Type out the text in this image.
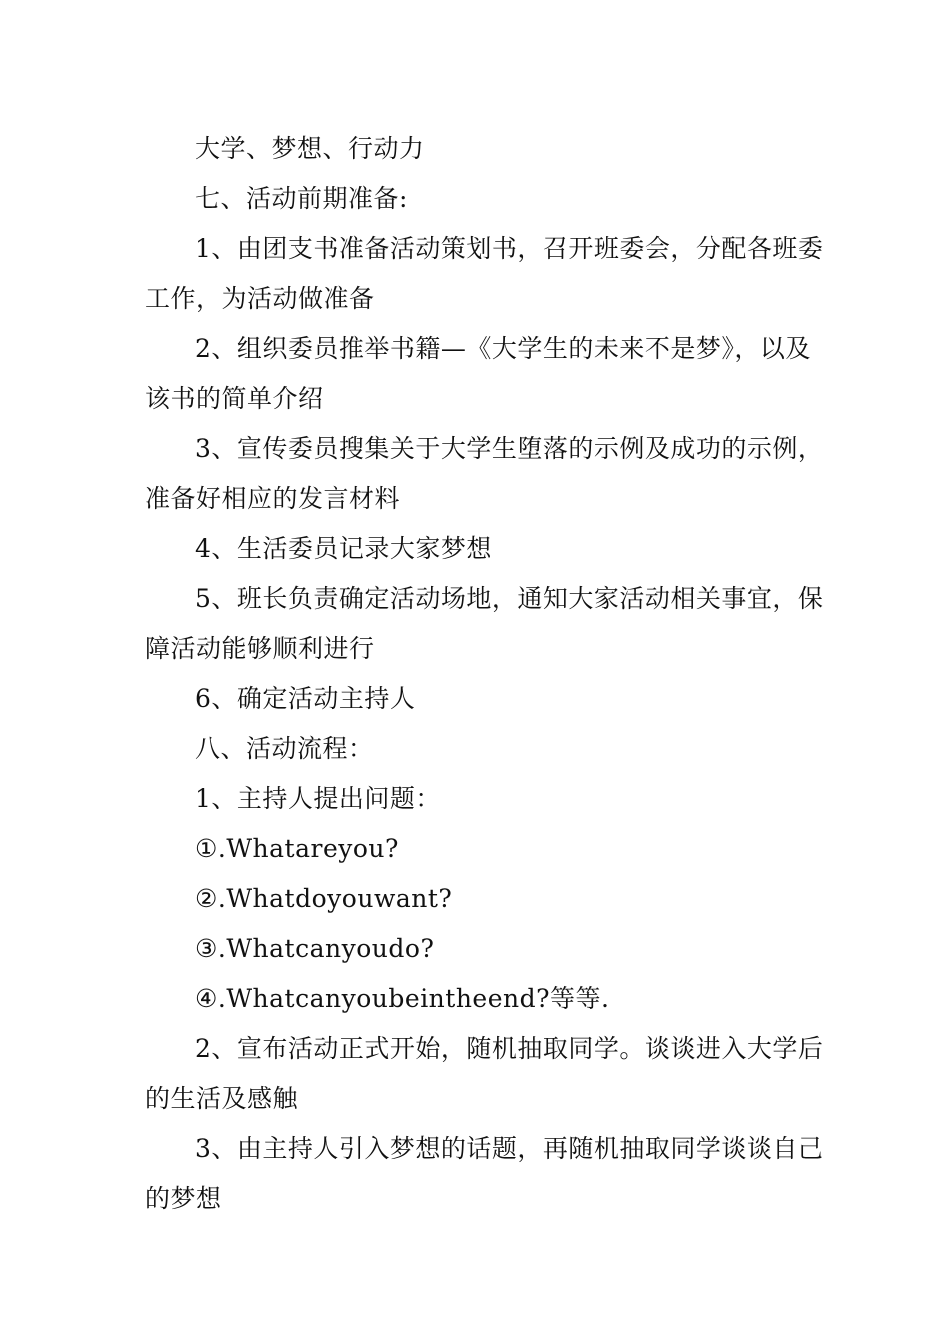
大学、梦想、行动力

七、活动前期准备:

1、由团支书准备活动策划书，召开班委会，分配各班委工作，为活动做准备

2、组织委员推举书籍—《大学生的未来不是梦》，以及该书的简单介绍

3、宣传委员搜集关于大学生堕落的示例及成功的示例，准备好相应的发言材料

4、生活委员记录大家梦想

5、班长负责确定活动场地，通知大家活动相关事宜，保障活动能够顺利进行

6、确定活动主持人

八、活动流程：

1、主持人提出问题：

①.Whatareyou?

②.Whatdoyouwant?

③.Whatcanyoudo?

④.Whatcanyoubeintheend?等等.

2、宣布活动正式开始，随机抽取同学。谈谈进入大学后的生活及感触

3、由主持人引入梦想的话题，再随机抽取同学谈谈自己的梦想
